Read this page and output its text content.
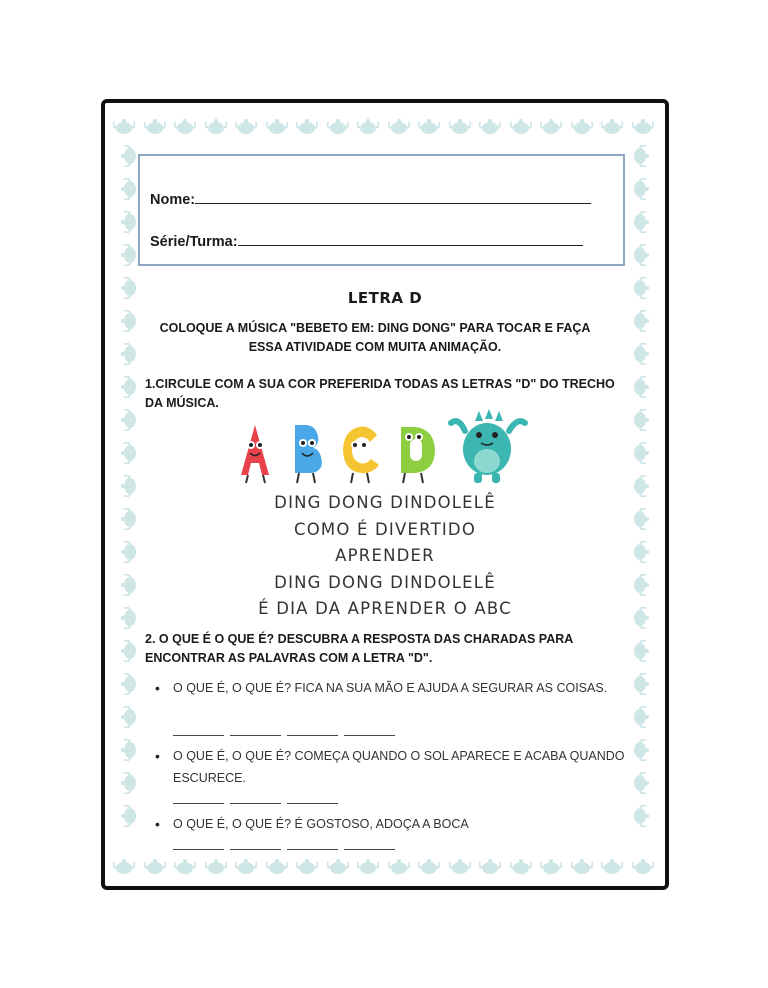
Nome:
Série/Turma:
LETRA D
COLOQUE A MÚSICA "BEBETO EM: DING DONG" PARA TOCAR E FAÇA ESSA ATIVIDADE COM MUITA ANIMAÇÃO.
1.CIRCULE COM A SUA COR PREFERIDA TODAS AS LETRAS "D" DO TRECHO DA MÚSICA.
DING DONG DINDOLELÊ
COMO É DIVERTIDO
APRENDER
DING DONG DINDOLELÊ
É DIA DA APRENDER O ABC
2. O QUE É O QUE É? DESCUBRA A RESPOSTA DAS CHARADAS PARA ENCONTRAR AS PALAVRAS COM A LETRA "D".
• O QUE É, O QUE É? FICA NA SUA MÃO E AJUDA A SEGURAR AS COISAS.
• O QUE É, O QUE É? COMEÇA QUANDO O SOL APARECE E ACABA QUANDO ESCURECE.
• O QUE É, O QUE É? É GOSTOSO, ADOÇA A BOCA
